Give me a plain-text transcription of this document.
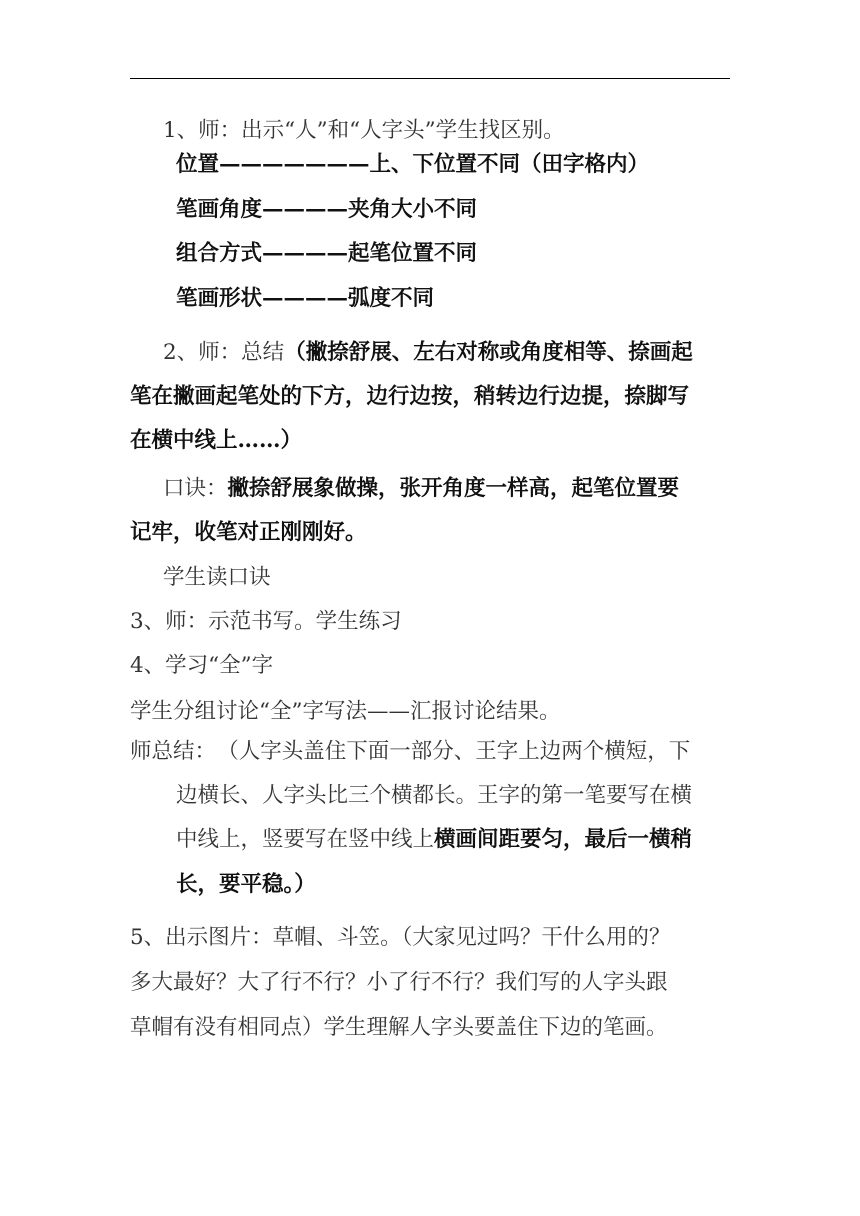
1、师：出示“人”和“人字头”学生找区别。
位置———————上、下位置不同（田字格内）
笔画角度————夹角大小不同
组合方式————起笔位置不同
笔画形状————弧度不同
2、师：总结（撇捺舒展、左右对称或角度相等、捺画起
笔在撇画起笔处的下方，边行边按，稍转边行边提，捺脚写
在横中线上……）
口诀：撇捺舒展象做操，张开角度一样高，起笔位置要
记牢，收笔对正刚刚好。
学生读口诀
3、师：示范书写。学生练习
4、学习“全”字
学生分组讨论“全”字写法——汇报讨论结果。
师总结： （人字头盖住下面一部分、王字上边两个横短，下
边横长、人字头比三个横都长。王字的第一笔要写在横
中线上，竖要写在竖中线上横画间距要匀，最后一横稍
长，要平稳。）
5、出示图片：草帽、斗笠。（大家见过吗？干什么用的？
多大最好？大了行不行？小了行不行？我们写的人字头跟
草帽有没有相同点）学生理解人字头要盖住下边的笔画。
